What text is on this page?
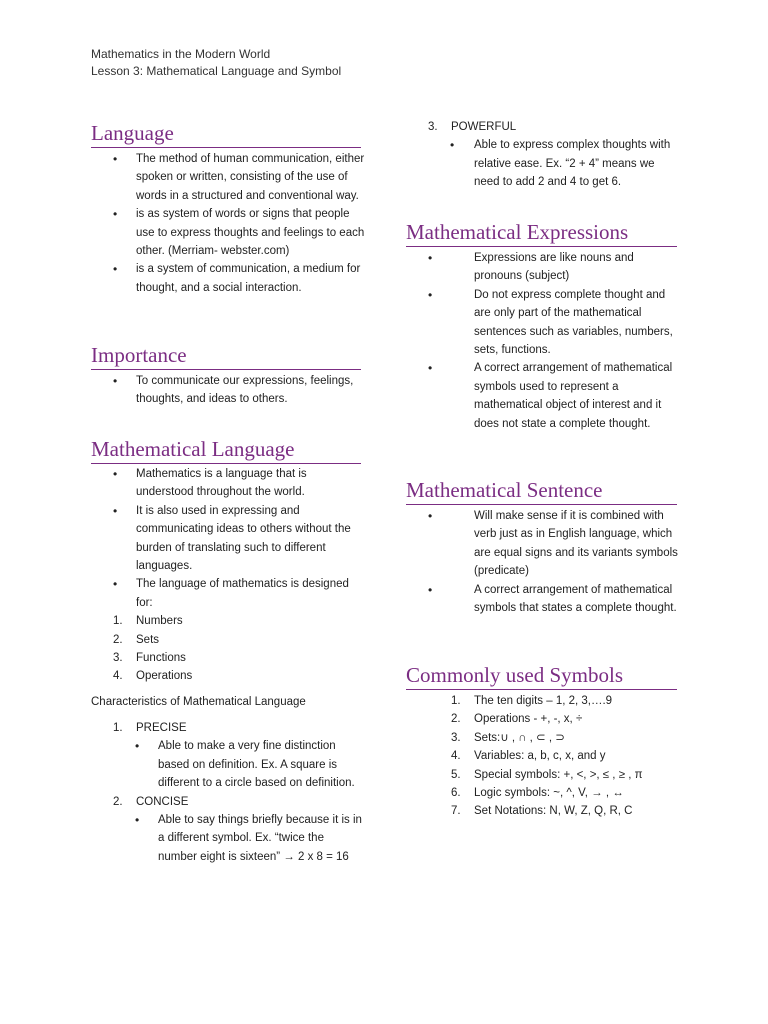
Mathematics in the Modern World
Lesson 3: Mathematical Language and Symbol
Language
• The method of human communication, either spoken or written, consisting of the use of words in a structured and conventional way.
• is as system of words or signs that people use to express thoughts and feelings to each other. (Merriam- webster.com)
• is a system of communication, a medium for thought, and a social interaction.
Importance
• To communicate our expressions, feelings, thoughts, and ideas to others.
Mathematical Language
• Mathematics is a language that is understood throughout the world.
• It is also used in expressing and communicating ideas to others without the burden of translating such to different languages.
• The language of mathematics is designed for:
1. Numbers
2. Sets
3. Functions
4. Operations
Characteristics of Mathematical Language
1. PRECISE
• Able to make a very fine distinction based on definition. Ex. A square is different to a circle based on definition.
2. CONCISE
• Able to say things briefly because it is in a different symbol. Ex. “twice the number eight is sixteen” → 2 x 8 = 16
3. POWERFUL
• Able to express complex thoughts with relative ease. Ex. “2 + 4” means we need to add 2 and 4 to get 6.
Mathematical Expressions
• Expressions are like nouns and pronouns (subject)
• Do not express complete thought and are only part of the mathematical sentences such as variables, numbers, sets, functions.
• A correct arrangement of mathematical symbols used to represent a mathematical object of interest and it does not state a complete thought.
Mathematical Sentence
• Will make sense if it is combined with verb just as in English language, which are equal signs and its variants symbols (predicate)
• A correct arrangement of mathematical symbols that states a complete thought.
Commonly used Symbols
1. The ten digits – 1, 2, 3,….9
2. Operations - +, -, x, ÷
3. Sets:∪ , ∩ , ⊂ , ⊃
4. Variables: a, b, c, x, and y
5. Special symbols: +, <, >, ≤ , ≥ , π
6. Logic symbols: ~, ^, V, → , ↔
7. Set Notations: N, W, Z, Q, R, C
